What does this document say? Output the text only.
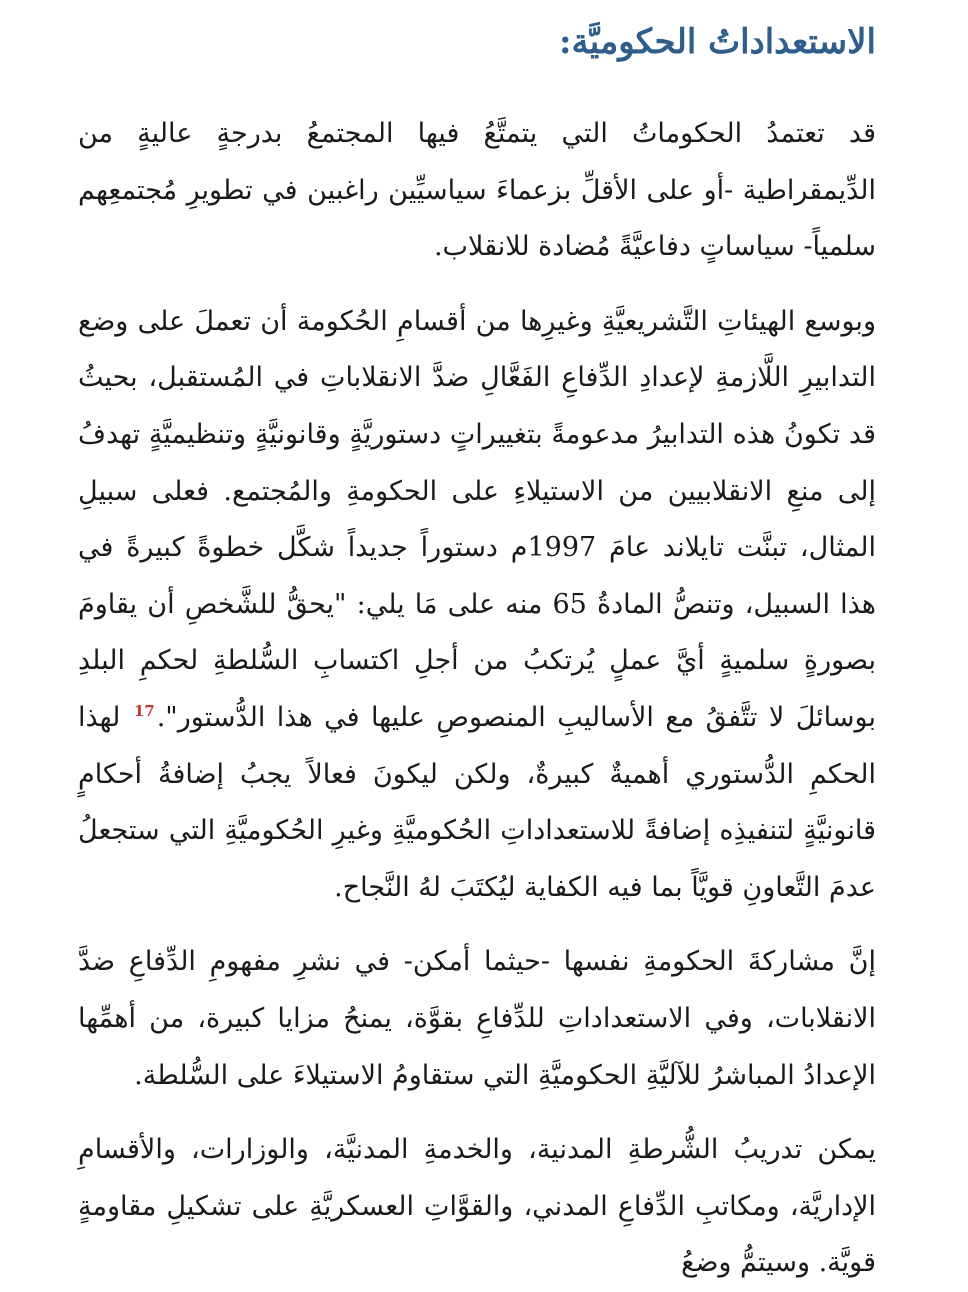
الاستعداداتُ الحكوميَّة:

قد تعتمدُ الحكوماتُ التي يتمتَّعُ فيها المجتمعُ بدرجةٍ عاليةٍ من الدِّيمقراطية -أو على الأقلِّ بزعماءَ سياسيِّين راغبين في تطويرِ مُجتمعِهم سلمياً- سياساتٍ دفاعيَّةً مُضادة للانقلاب.

وبوسع الهيئاتِ التَّشريعيَّةِ وغيرِها من أقسامِ الحُكومة أن تعملَ على وضع التدابيرِ اللَّازمةِ لإعدادِ الدِّفاعِ الفَعَّالِ ضدَّ الانقلاباتِ في المُستقبل، بحيثُ قد تكونُ هذه التدابيرُ مدعومةً بتغييراتٍ دستوريَّةٍ وقانونيَّةٍ وتنظيميَّةٍ تهدفُ إلى منعِ الانقلابيين من الاستيلاءِ على الحكومةِ والمُجتمع. فعلى سبيلِ المثال، تبنَّت تايلاند عامَ 1997م دستوراً جديداً شكَّل خطوةً كبيرةً في هذا السبيل، وتنصُّ المادةُ 65 منه على مَا يلي: "يحقُّ للشَّخصِ أن يقاومَ بصورةٍ سلميةٍ أيَّ عملٍ يُرتكبُ من أجلِ اكتسابِ السُّلطةِ لحكمِ البلدِ بوسائلَ لا تتَّفقُ مع الأساليبِ المنصوصِ عليها في هذا الدُّستور".$^{17}$ لهذا الحكمِ الدُّستوري أهميةٌ كبيرةٌ، ولكن ليكونَ فعالاً يجبُ إضافةُ أحكامٍ قانونيَّةٍ لتنفيذِه إضافةً للاستعداداتِ الحُكوميَّةِ وغيرِ الحُكوميَّةِ التي ستجعلُ عدمَ التَّعاونِ قويَّاً بما فيه الكفاية ليُكتَبَ لهُ النَّجاح.

إنَّ مشاركةَ الحكومةِ نفسها -حيثما أمكن- في نشرِ مفهومِ الدِّفاعِ ضدَّ الانقلابات، وفي الاستعداداتِ للدِّفاعِ بقوَّة، يمنحُ مزايا كبيرة، من أهمِّها الإعدادُ المباشرُ للآليَّةِ الحكوميَّةِ التي ستقاومُ الاستيلاءَ على السُّلطة.

يمكن تدريبُ الشُّرطةِ المدنية، والخدمةِ المدنيَّة، والوزارات، والأقسامِ الإداريَّة، ومكاتبِ الدِّفاعِ المدني، والقوَّاتِ العسكريَّةِ على تشكيلِ مقاومةٍ قويَّة. وسيتمُّ وضعُ
